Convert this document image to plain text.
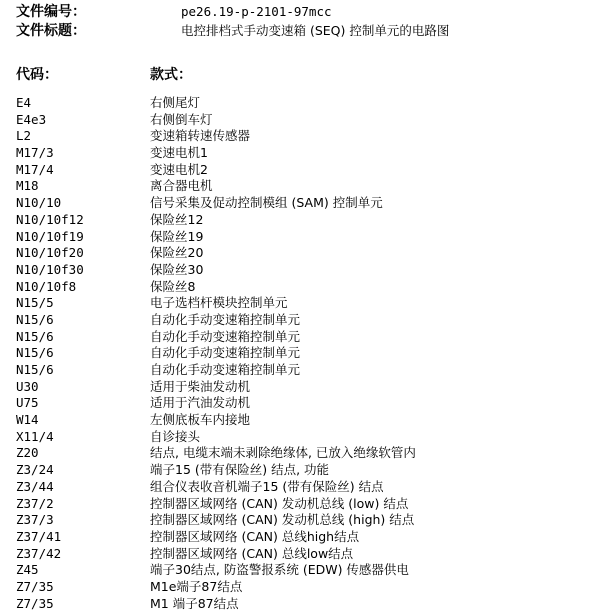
文件编号：	pe26.19-p-2101-97mcc
文件标题：	电控排档式手动变速箱 (SEQ) 控制单元的电路图
代码：	款式：
E4	右侧尾灯
E4e3	右侧倒车灯
L2	变速箱转速传感器
M17/3	变速电机1
M17/4	变速电机2
M18	离合器电机
N10/10	信号采集及促动控制模组 (SAM) 控制单元
N10/10f12	保险丝12
N10/10f19	保险丝19
N10/10f20	保险丝20
N10/10f30	保险丝30
N10/10f8	保险丝8
N15/5	电子选档杆模块控制单元
N15/6	自动化手动变速箱控制单元
N15/6	自动化手动变速箱控制单元
N15/6	自动化手动变速箱控制单元
N15/6	自动化手动变速箱控制单元
U30	适用于柴油发动机
U75	适用于汽油发动机
W14	左侧底板车内接地
X11/4	自诊接头
Z20	结点, 电缆末端未剥除绝缘体, 已放入绝缘软管内
Z3/24	端子15 (带有保险丝) 结点, 功能
Z3/44	组合仪表收音机端子15 (带有保险丝) 结点
Z37/2	控制器区域网络 (CAN) 发动机总线 (low) 结点
Z37/3	控制器区域网络 (CAN) 发动机总线 (high) 结点
Z37/41	控制器区域网络 (CAN) 总线high结点
Z37/42	控制器区域网络 (CAN) 总线low结点
Z45	端子30结点, 防盗警报系统 (EDW) 传感器供电
Z7/35	M1e端子87结点
Z7/35	M1 端子87结点
